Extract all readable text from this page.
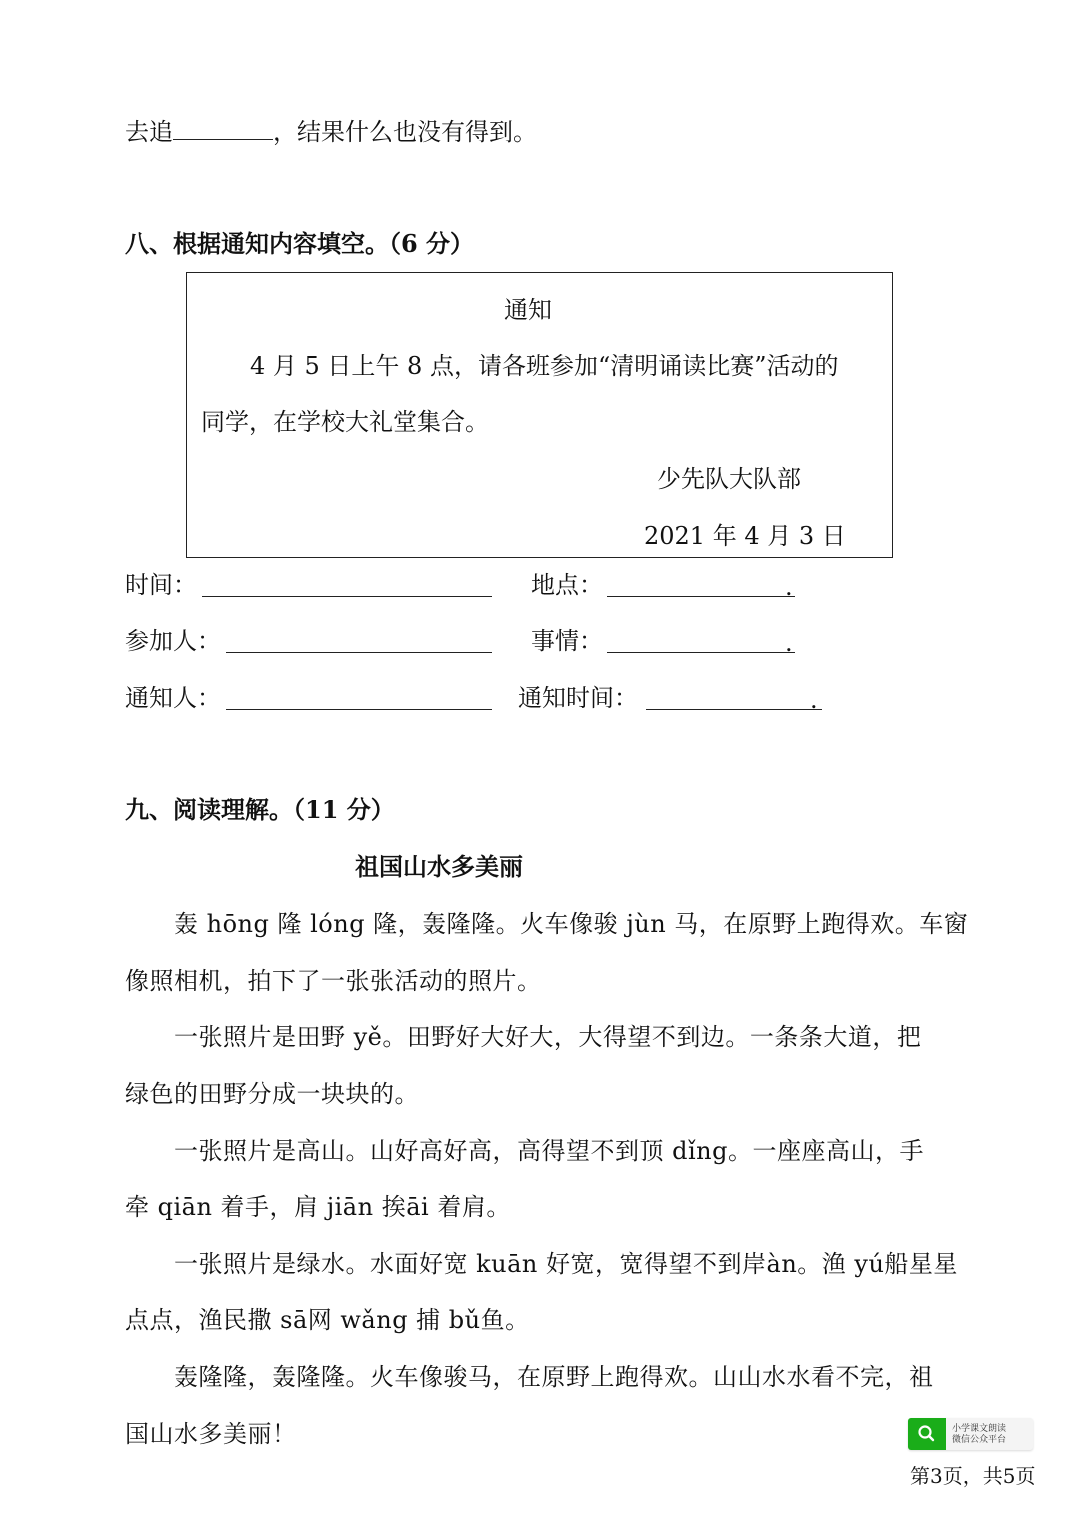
去追	，结果什么也没有得到。
八、根据通知内容填空。（6 分）
通知
4 月 5 日上午 8 点，请各班参加“清明诵读比赛”活动的
同学，在学校大礼堂集合。
少先队大队部
2021 年 4 月 3 日
时间：	地点：	.
参加人：	事情：	.
通知人：	通知时间：	.
九、阅读理解。（11 分）
祖国山水多美丽
　　轰 hōng 隆 lóng 隆，轰隆隆。火车像骏 jùn 马，在原野上跑得欢。车窗
像照相机，拍下了一张张活动的照片。
　　一张照片是田野 yě。田野好大好大，大得望不到边。一条条大道，把
绿色的田野分成一块块的。
　　一张照片是高山。山好高好高，高得望不到顶 dǐng。一座座高山，手
牵 qiān 着手，肩 jiān 挨āi 着肩。
　　一张照片是绿水。水面好宽 kuān 好宽，宽得望不到岸àn。渔 yú船星星
点点，渔民撒 sā网 wǎng 捕 bǔ鱼。
　　轰隆隆，轰隆隆。火车像骏马，在原野上跑得欢。山山水水看不完，祖
国山水多美丽！	小学课文朗读
微信公众平台
第3页，共5页
